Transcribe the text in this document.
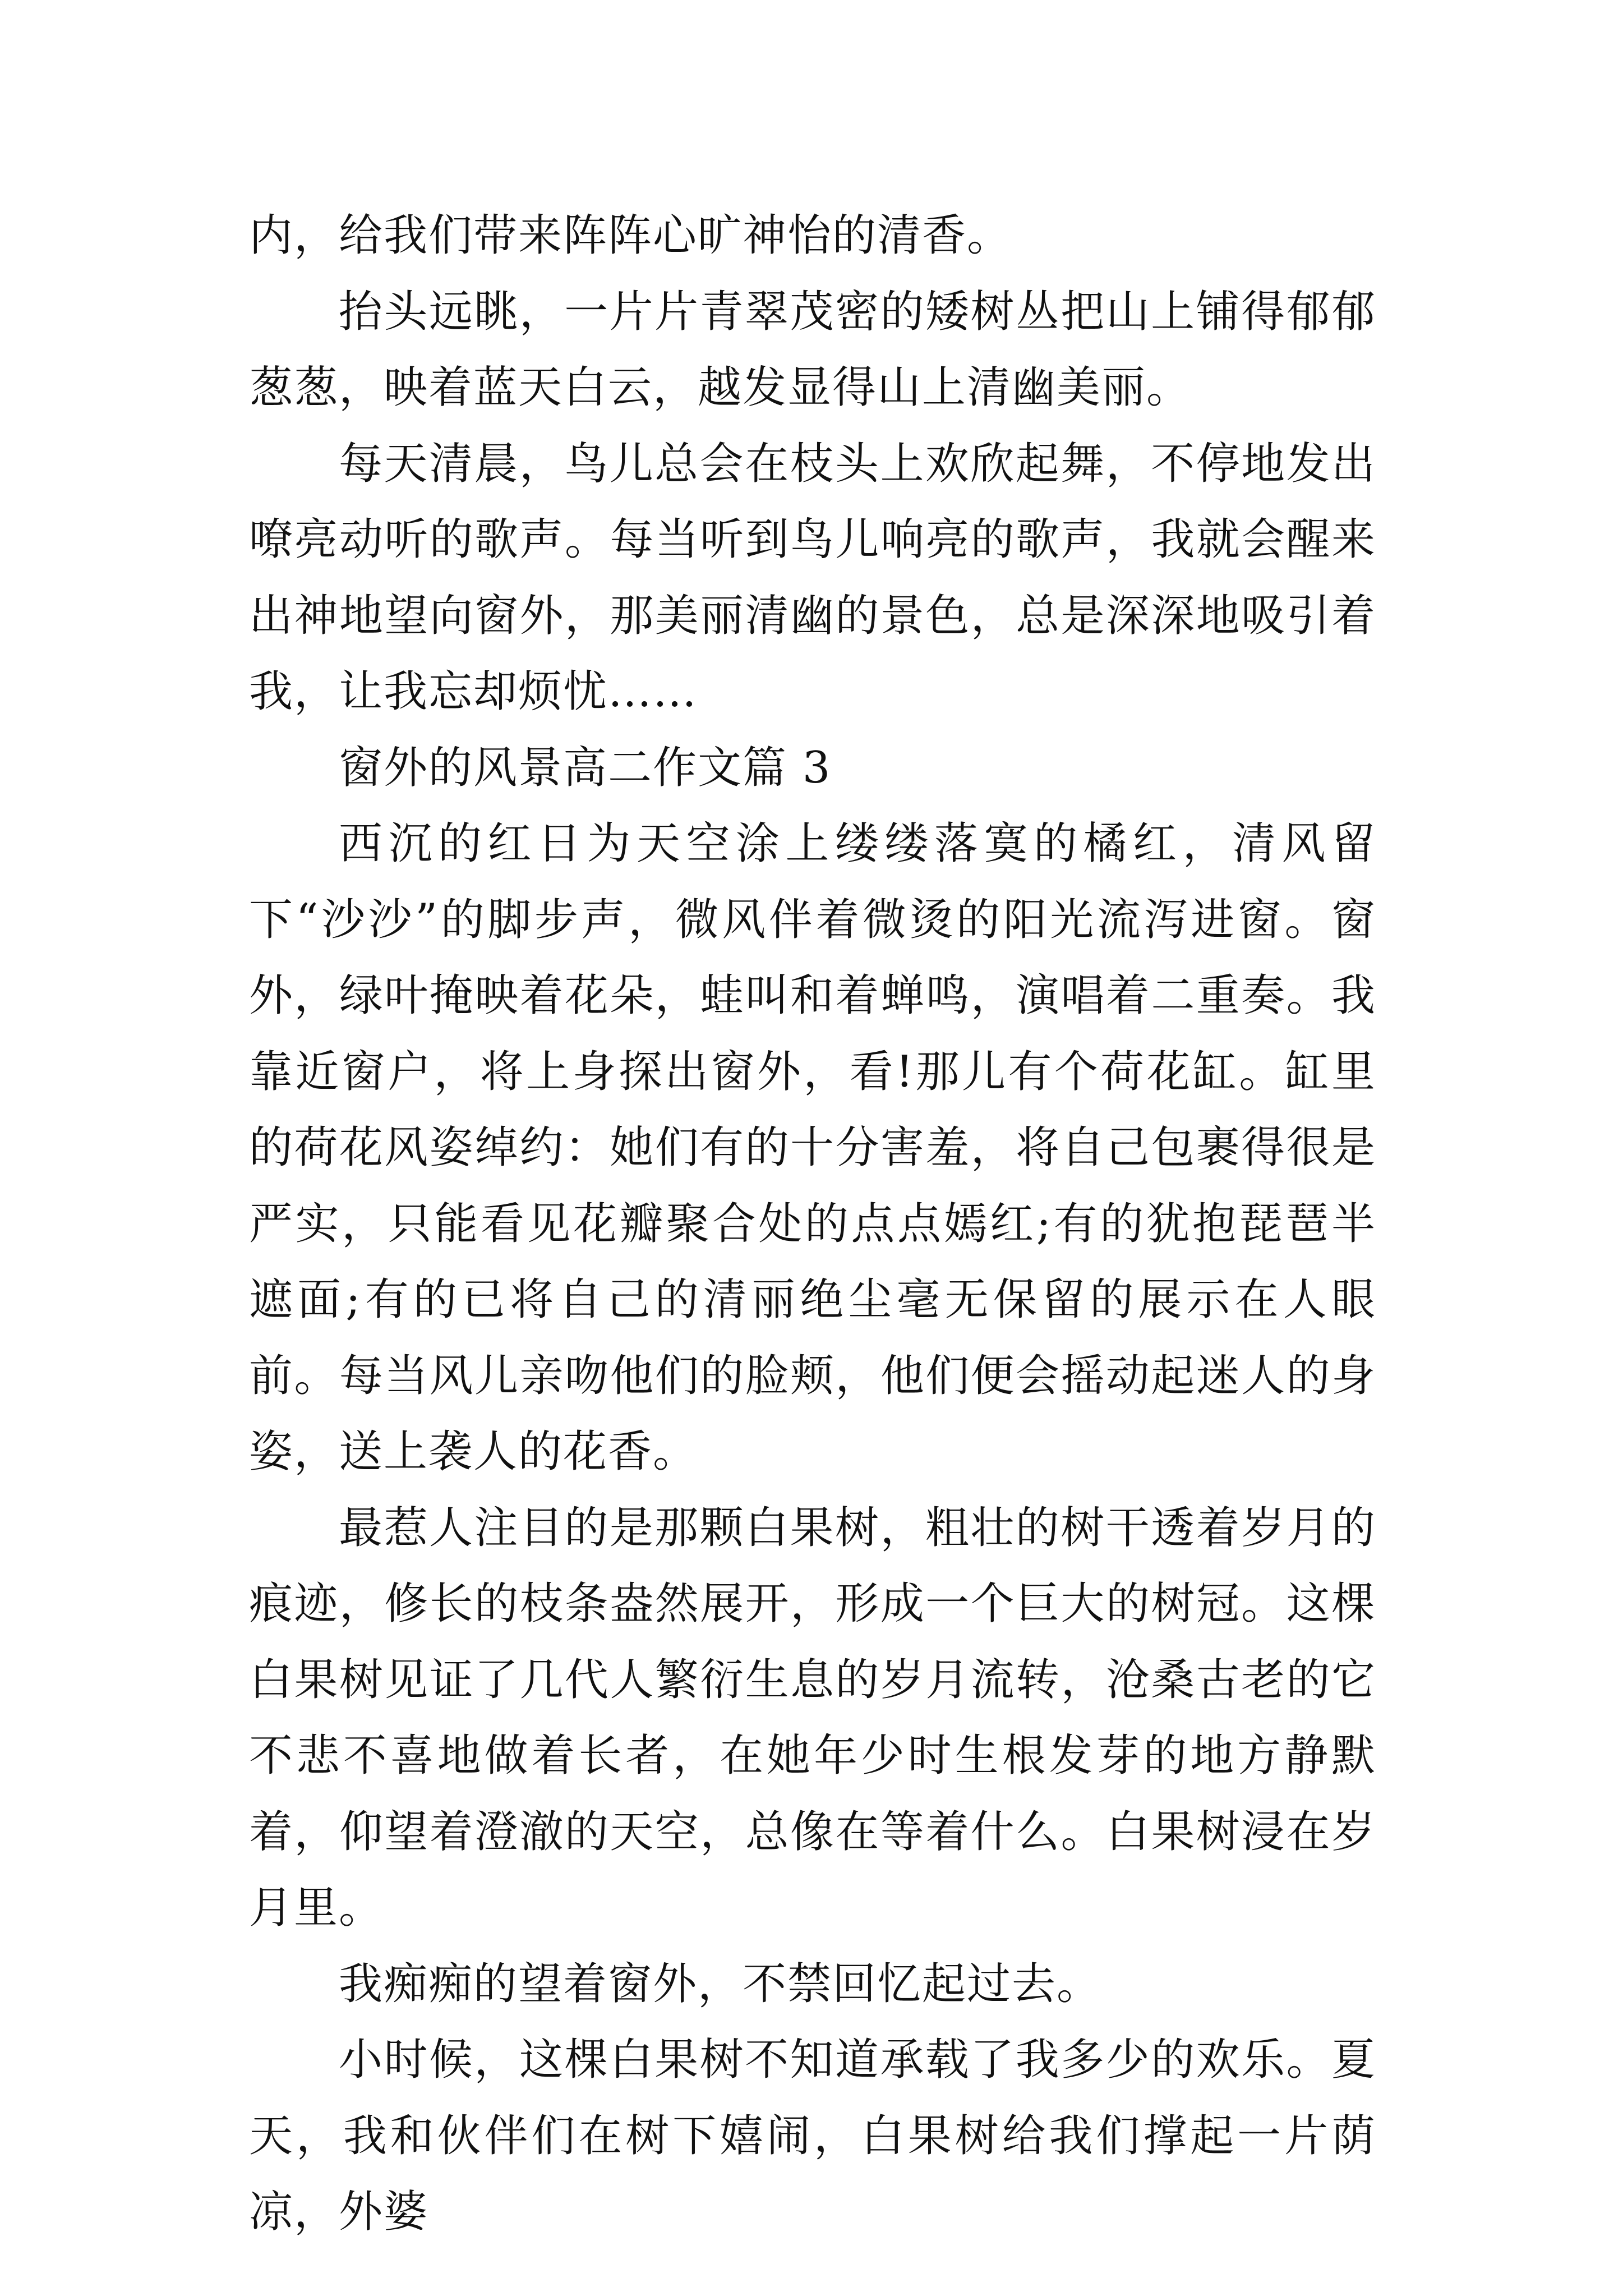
内，给我们带来阵阵心旷神怡的清香。

抬头远眺，一片片青翠茂密的矮树丛把山上铺得郁郁葱葱，映着蓝天白云，越发显得山上清幽美丽。

每天清晨，鸟儿总会在枝头上欢欣起舞，不停地发出嘹亮动听的歌声。每当听到鸟儿响亮的歌声，我就会醒来出神地望向窗外，那美丽清幽的景色，总是深深地吸引着我，让我忘却烦忧……

窗外的风景高二作文篇 3

西沉的红日为天空涂上缕缕落寞的橘红，清风留下“沙沙”的脚步声，微风伴着微烫的阳光流泻进窗。窗外，绿叶掩映着花朵，蛙叫和着蝉鸣，演唱着二重奏。我靠近窗户，将上身探出窗外，看!那儿有个荷花缸。缸里的荷花风姿绰约：她们有的十分害羞，将自己包裹得很是严实，只能看见花瓣聚合处的点点嫣红;有的犹抱琵琶半遮面;有的已将自己的清丽绝尘毫无保留的展示在人眼前。每当风儿亲吻他们的脸颊，他们便会摇动起迷人的身姿，送上袭人的花香。

最惹人注目的是那颗白果树，粗壮的树干透着岁月的痕迹，修长的枝条盎然展开，形成一个巨大的树冠。这棵白果树见证了几代人繁衍生息的岁月流转，沧桑古老的它不悲不喜地做着长者，在她年少时生根发芽的地方静默着，仰望着澄澈的天空，总像在等着什么。白果树浸在岁月里。

我痴痴的望着窗外，不禁回忆起过去。

小时候，这棵白果树不知道承载了我多少的欢乐。夏天，我和伙伴们在树下嬉闹，白果树给我们撑起一片荫凉，外婆
